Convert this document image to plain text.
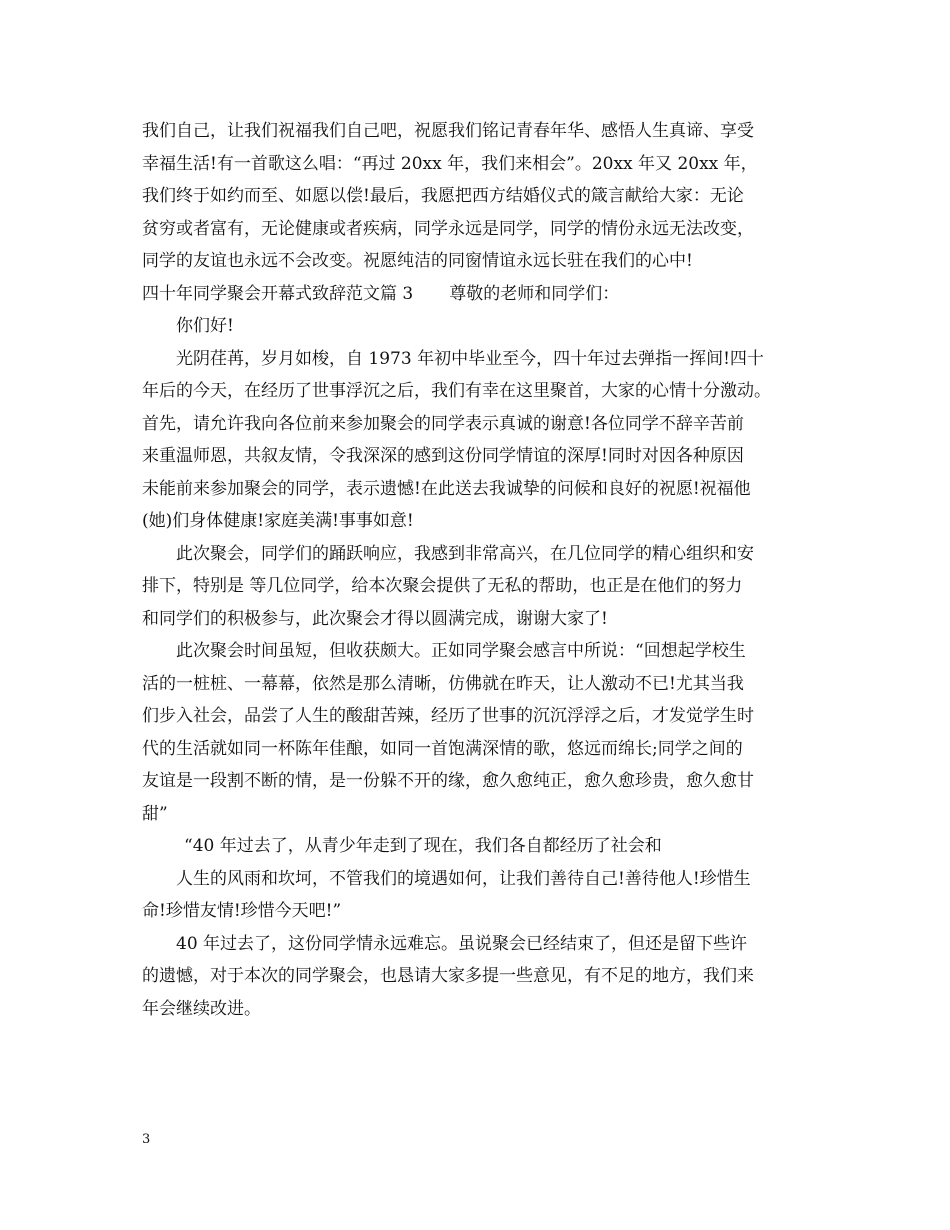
我们自己，让我们祝福我们自己吧，祝愿我们铭记青春年华、感悟人生真谛、享受
幸福生活!有一首歌这么唱：“再过 20xx 年，我们来相会”。20xx 年又 20xx 年，
我们终于如约而至、如愿以偿!最后，我愿把西方结婚仪式的箴言献给大家：无论
贫穷或者富有，无论健康或者疾病，同学永远是同学，同学的情份永远无法改变，
同学的友谊也永远不会改变。祝愿纯洁的同窗情谊永远长驻在我们的心中!
四十年同学聚会开幕式致辞范文篇 3 尊敬的老师和同学们：
你们好!
光阴荏苒，岁月如梭，自 1973 年初中毕业至今，四十年过去弹指一挥间!四十
年后的今天，在经历了世事浮沉之后，我们有幸在这里聚首，大家的心情十分激动。
首先，请允许我向各位前来参加聚会的同学表示真诚的谢意!各位同学不辞辛苦前
来重温师恩，共叙友情，令我深深的感到这份同学情谊的深厚!同时对因各种原因
未能前来参加聚会的同学，表示遗憾!在此送去我诚挚的问候和良好的祝愿!祝福他
(她)们身体健康!家庭美满!事事如意!
此次聚会，同学们的踊跃响应，我感到非常高兴，在几位同学的精心组织和安
排下，特别是 等几位同学，给本次聚会提供了无私的帮助，也正是在他们的努力
和同学们的积极参与，此次聚会才得以圆满完成，谢谢大家了!
此次聚会时间虽短，但收获颇大。正如同学聚会感言中所说：“回想起学校生
活的一桩桩、一幕幕，依然是那么清晰，仿佛就在昨天，让人激动不已!尤其当我
们步入社会，品尝了人生的酸甜苦辣，经历了世事的沉沉浮浮之后，才发觉学生时
代的生活就如同一杯陈年佳酿，如同一首饱满深情的歌，悠远而绵长;同学之间的
友谊是一段割不断的情，是一份躲不开的缘，愈久愈纯正，愈久愈珍贵，愈久愈甘
甜”
“40 年过去了，从青少年走到了现在，我们各自都经历了社会和
人生的风雨和坎坷，不管我们的境遇如何，让我们善待自己!善待他人!珍惜生
命!珍惜友情!珍惜今天吧!”
40 年过去了，这份同学情永远难忘。虽说聚会已经结束了，但还是留下些许
的遗憾，对于本次的同学聚会，也恳请大家多提一些意见，有不足的地方，我们来
年会继续改进。
3
